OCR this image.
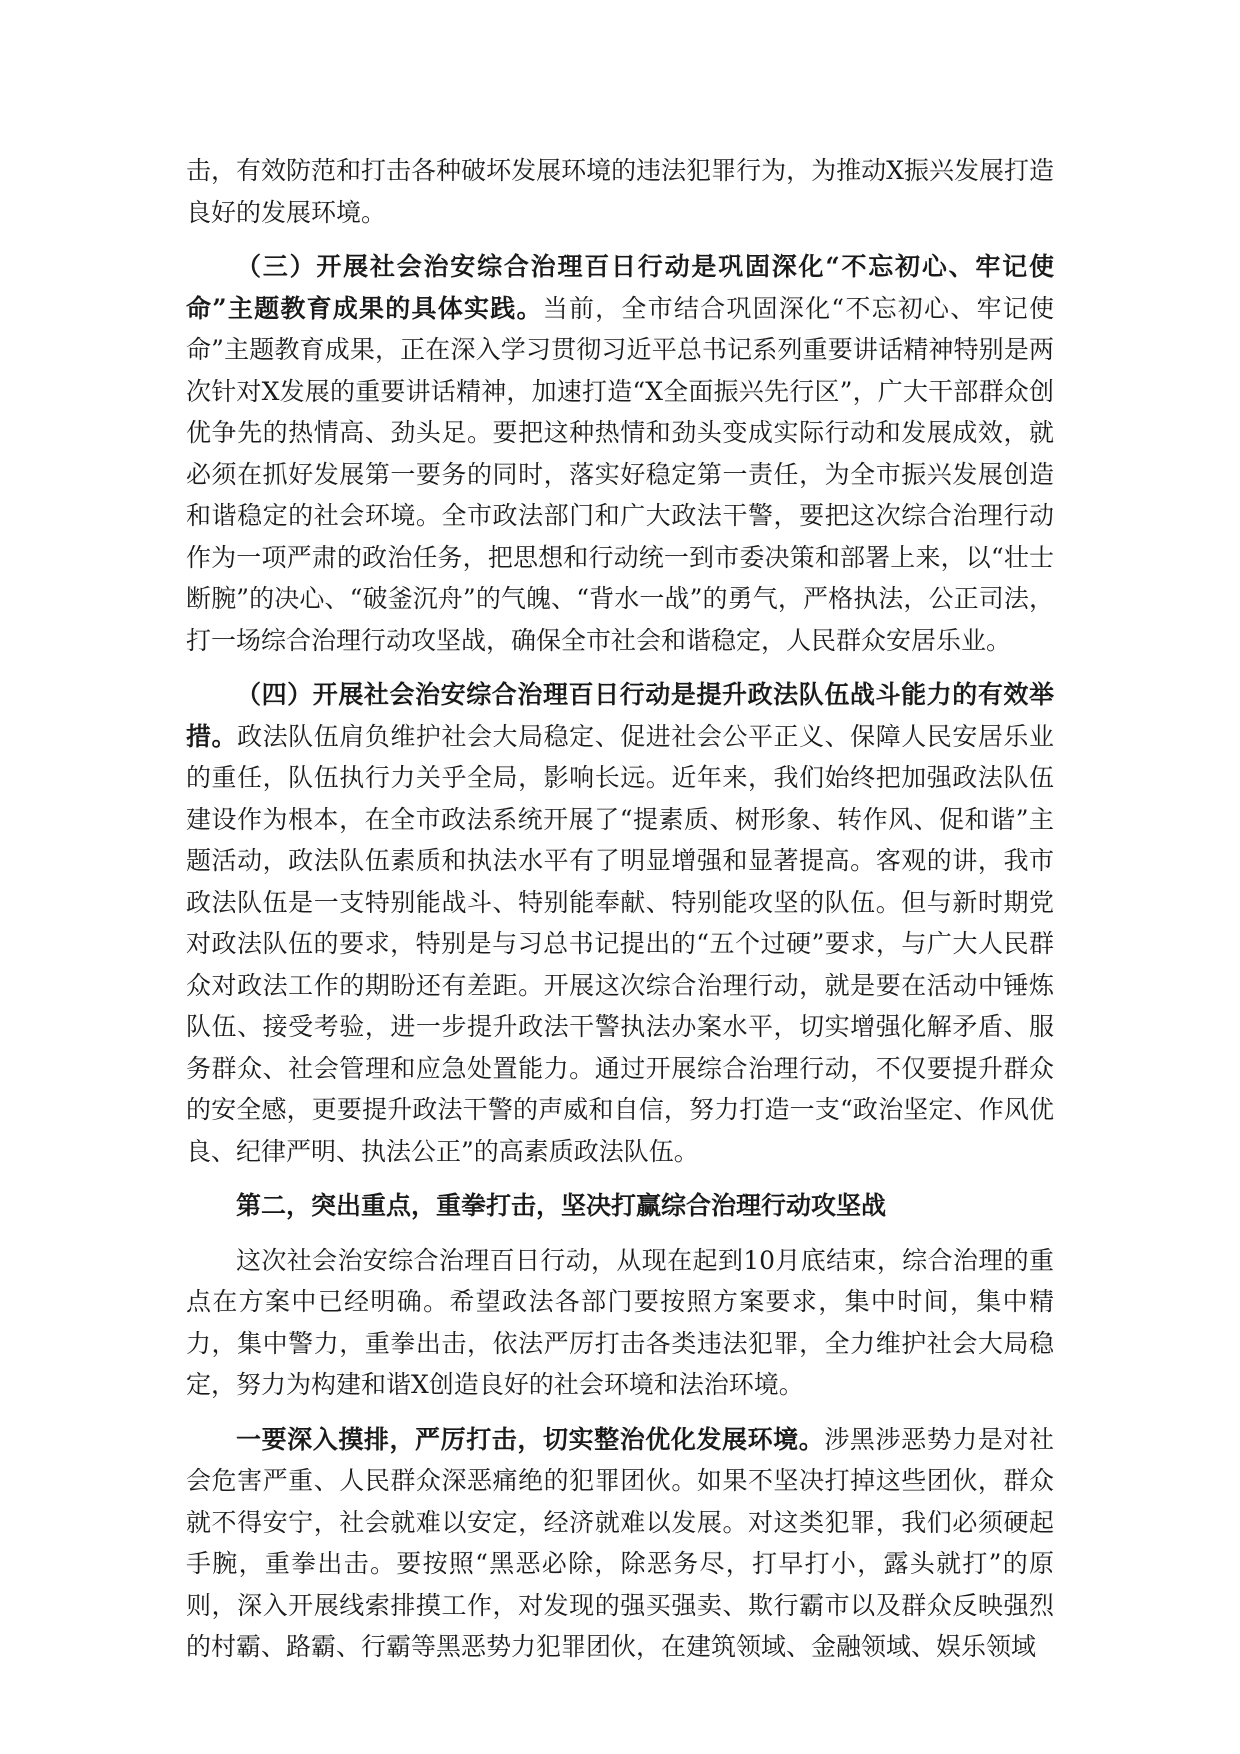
击，有效防范和打击各种破坏发展环境的违法犯罪行为，为推动X振兴发展打造良好的发展环境。

（三）开展社会治安综合治理百日行动是巩固深化“不忘初心、牢记使命”主题教育成果的具体实践。当前，全市结合巩固深化“不忘初心、牢记使命”主题教育成果，正在深入学习贯彻习近平总书记系列重要讲话精神特别是两次针对X发展的重要讲话精神，加速打造“X全面振兴先行区”，广大干部群众创优争先的热情高、劲头足。要把这种热情和劲头变成实际行动和发展成效，就必须在抓好发展第一要务的同时，落实好稳定第一责任，为全市振兴发展创造和谐稳定的社会环境。全市政法部门和广大政法干警，要把这次综合治理行动作为一项严肃的政治任务，把思想和行动统一到市委决策和部署上来，以“壮士断腕”的决心、“破釜沉舟”的气魄、“背水一战”的勇气，严格执法，公正司法，打一场综合治理行动攻坚战，确保全市社会和谐稳定，人民群众安居乐业。

（四）开展社会治安综合治理百日行动是提升政法队伍战斗能力的有效举措。政法队伍肩负维护社会大局稳定、促进社会公平正义、保障人民安居乐业的重任，队伍执行力关乎全局，影响长远。近年来，我们始终把加强政法队伍建设作为根本，在全市政法系统开展了“提素质、树形象、转作风、促和谐”主题活动，政法队伍素质和执法水平有了明显增强和显著提高。客观的讲，我市政法队伍是一支特别能战斗、特别能奉献、特别能攻坚的队伍。但与新时期党对政法队伍的要求，特别是与习总书记提出的“五个过硬”要求，与广大人民群众对政法工作的期盼还有差距。开展这次综合治理行动，就是要在活动中锤炼队伍、接受考验，进一步提升政法干警执法办案水平，切实增强化解矛盾、服务群众、社会管理和应急处置能力。通过开展综合治理行动，不仅要提升群众的安全感，更要提升政法干警的声威和自信，努力打造一支“政治坚定、作风优良、纪律严明、执法公正”的高素质政法队伍。

第二，突出重点，重拳打击，坚决打赢综合治理行动攻坚战

这次社会治安综合治理百日行动，从现在起到10月底结束，综合治理的重点在方案中已经明确。希望政法各部门要按照方案要求，集中时间，集中精力，集中警力，重拳出击，依法严厉打击各类违法犯罪，全力维护社会大局稳定，努力为构建和谐X创造良好的社会环境和法治环境。

一要深入摸排，严厉打击，切实整治优化发展环境。涉黑涉恶势力是对社会危害严重、人民群众深恶痛绝的犯罪团伙。如果不坚决打掉这些团伙，群众就不得安宁，社会就难以安定，经济就难以发展。对这类犯罪，我们必须硬起手腕，重拳出击。要按照“黑恶必除，除恶务尽，打早打小，露头就打”的原则，深入开展线索排摸工作，对发现的强买强卖、欺行霸市以及群众反映强烈的村霸、路霸、行霸等黑恶势力犯罪团伙，在建筑领域、金融领域、娱乐领域
